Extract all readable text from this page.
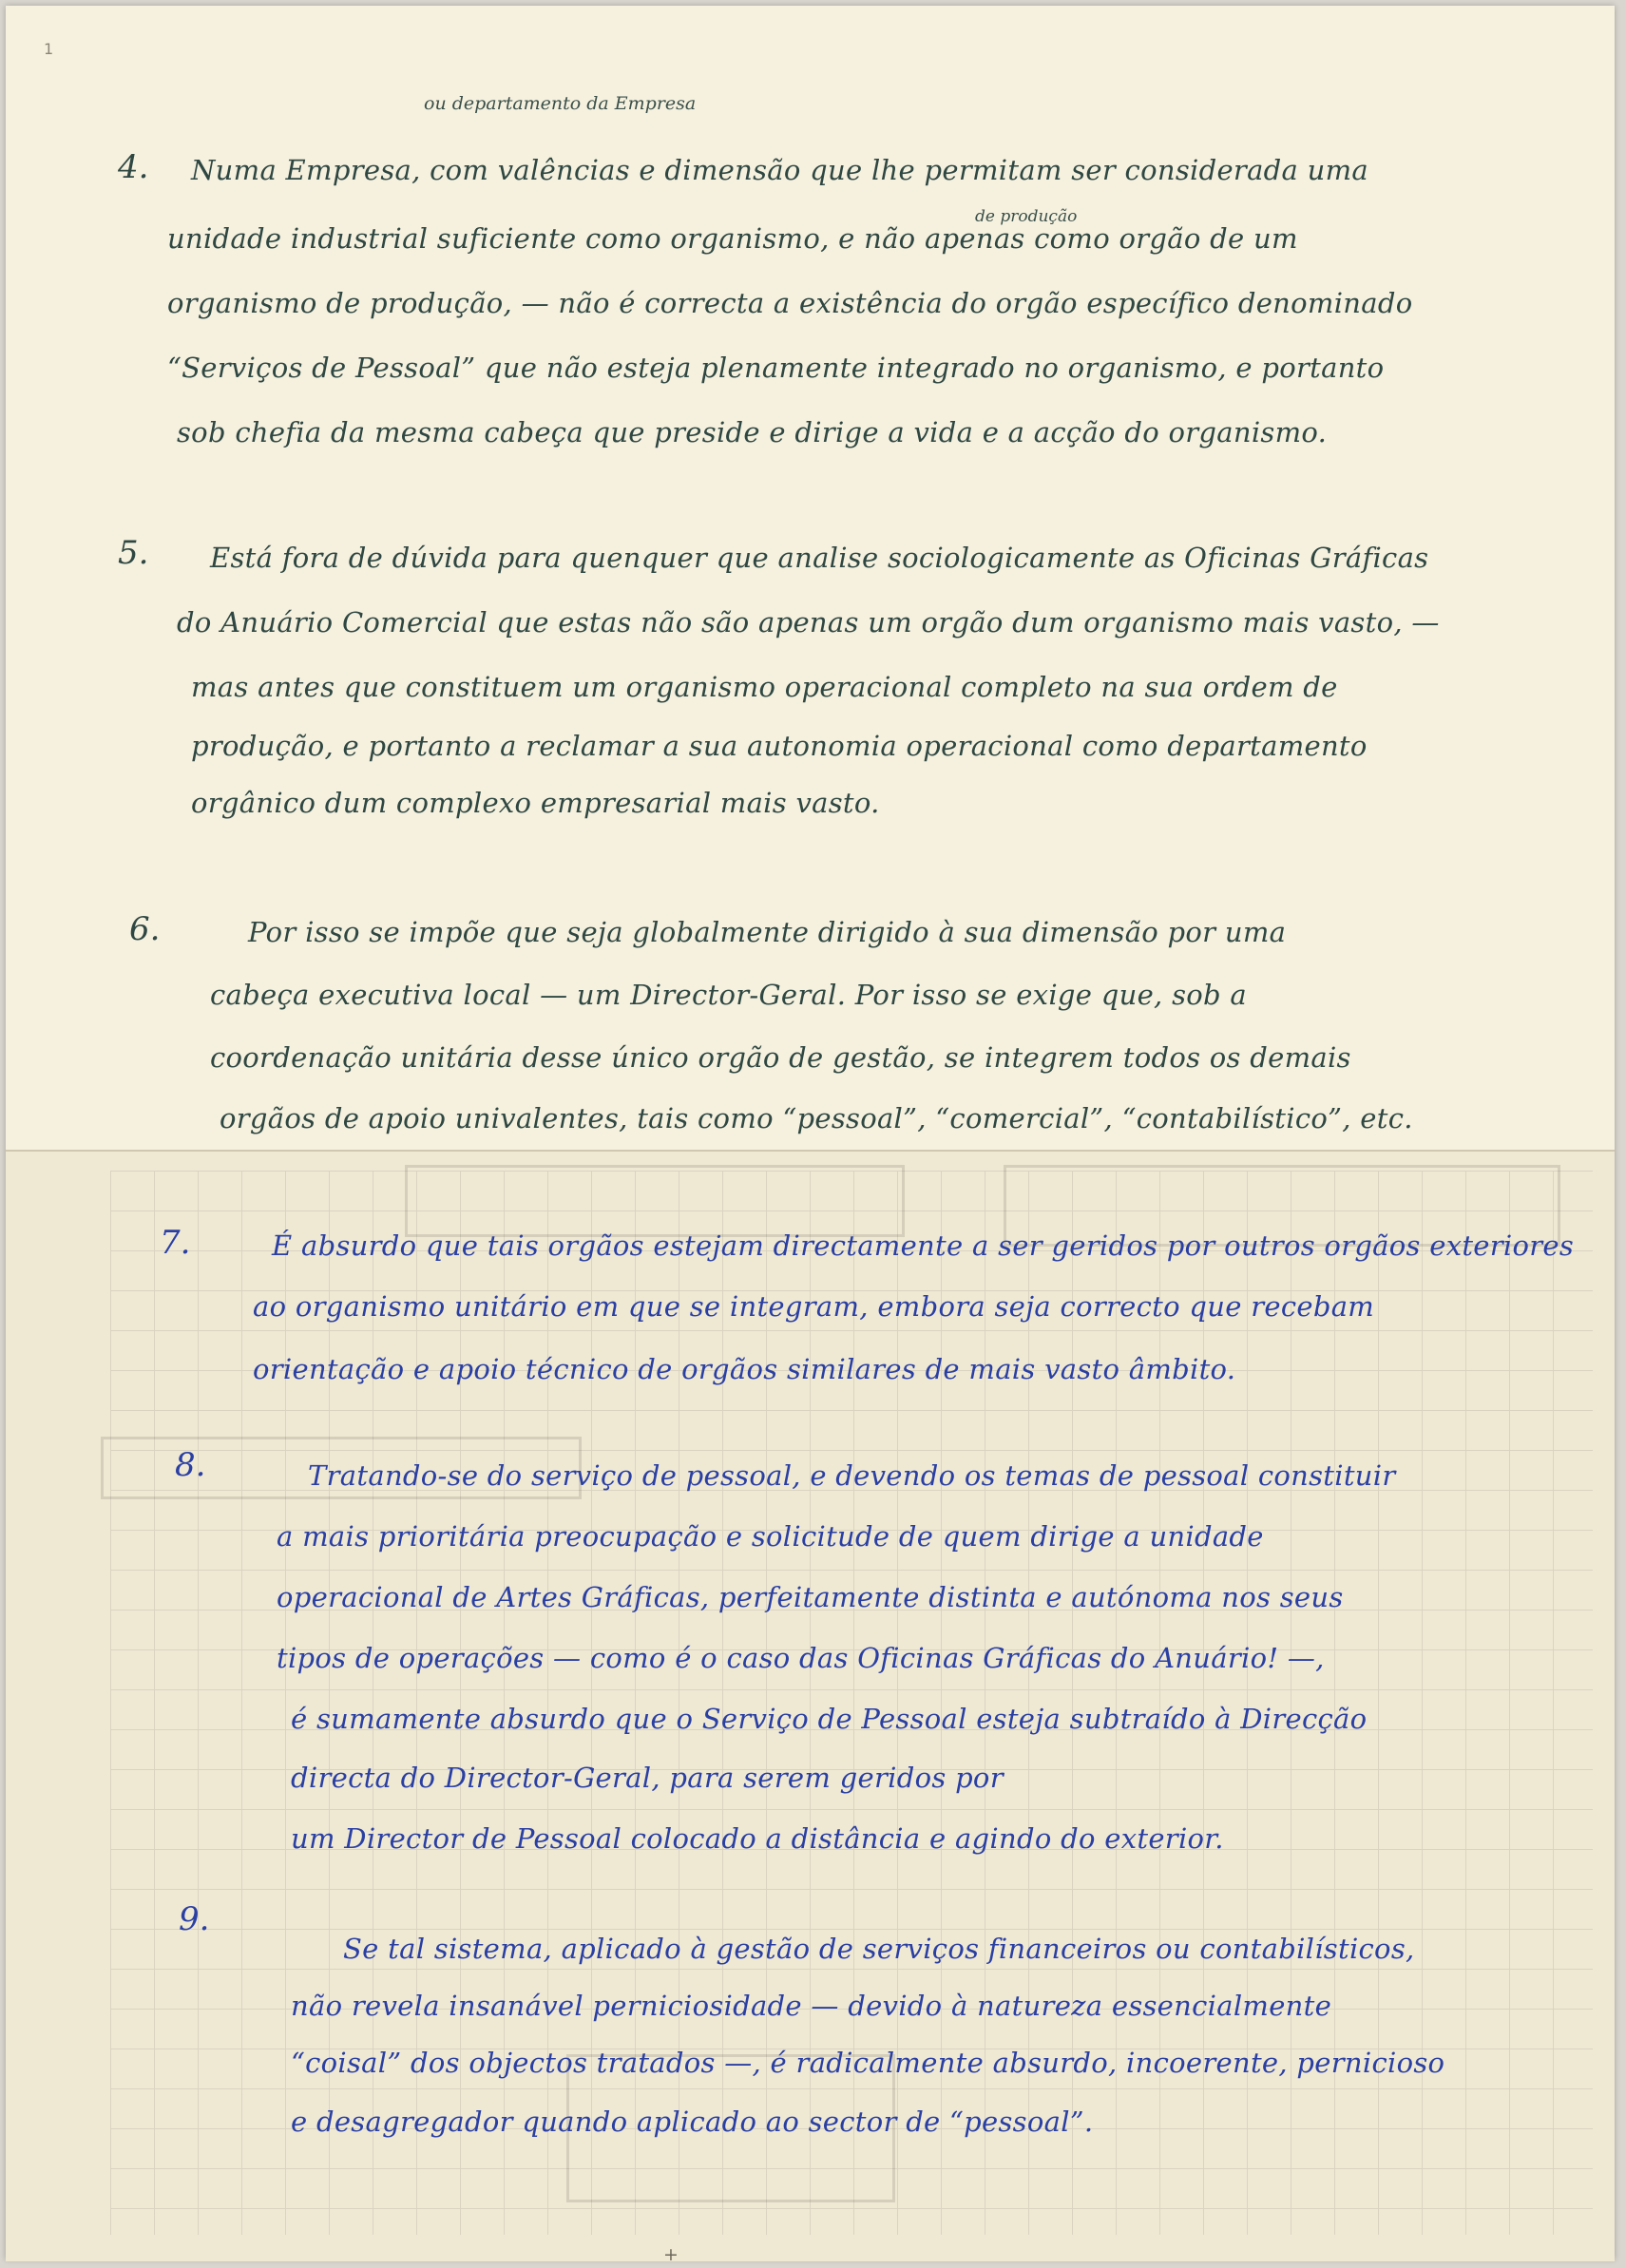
1
ou departamento da Empresa
de produção
4. Numa Empresa, com valências e dimensão que lhe permitam ser considerada uma
unidade industrial suficiente como organismo, e não apenas como orgão de um
organismo de produção, — não é correcta a existência do orgão específico denominado
“Serviços de Pessoal” que não esteja plenamente integrado no organismo, e portanto
sob chefia da mesma cabeça que preside e dirige a vida e a acção do organismo.
5. Está fora de dúvida para quenquer que analise sociologicamente as Oficinas Gráficas
do Anuário Comercial que estas não são apenas um orgão dum organismo mais vasto, —
mas antes que constituem um organismo operacional completo na sua ordem de
produção, e portanto a reclamar a sua autonomia operacional como departamento
orgânico dum complexo empresarial mais vasto.
6.	Por isso se impõe que seja globalmente dirigido à sua dimensão por uma
cabeça executiva local — um Director-Geral. Por isso se exige que, sob a
coordenação unitária desse único orgão de gestão, se integrem todos os demais
orgãos de apoio univalentes, tais como “pessoal”, “comercial”, “contabilístico”, etc.
7.	É absurdo que tais orgãos estejam directamente a ser geridos por outros orgãos exteriores
ao organismo unitário em que se integram, embora seja correcto que recebam
orientação e apoio técnico de orgãos similares de mais vasto âmbito.
8.	Tratando-se do serviço de pessoal, e devendo os temas de pessoal constituir
a mais prioritária preocupação e solicitude de quem dirige a unidade
operacional de Artes Gráficas, perfeitamente distinta e autónoma nos seus
tipos de operações — como é o caso das Oficinas Gráficas do Anuário! —,
é sumamente absurdo que o Serviço de Pessoal esteja subtraído à Direcção
directa do Director-Geral, para serem geridos por
um Director de Pessoal colocado a distância e agindo do exterior.
9.
Se tal sistema, aplicado à gestão de serviços financeiros ou contabilísticos,
não revela insanável perniciosidade — devido à natureza essencialmente
“coisal” dos objectos tratados —, é radicalmente absurdo, incoerente, pernicioso
e desagregador quando aplicado ao sector de “pessoal”.
+
